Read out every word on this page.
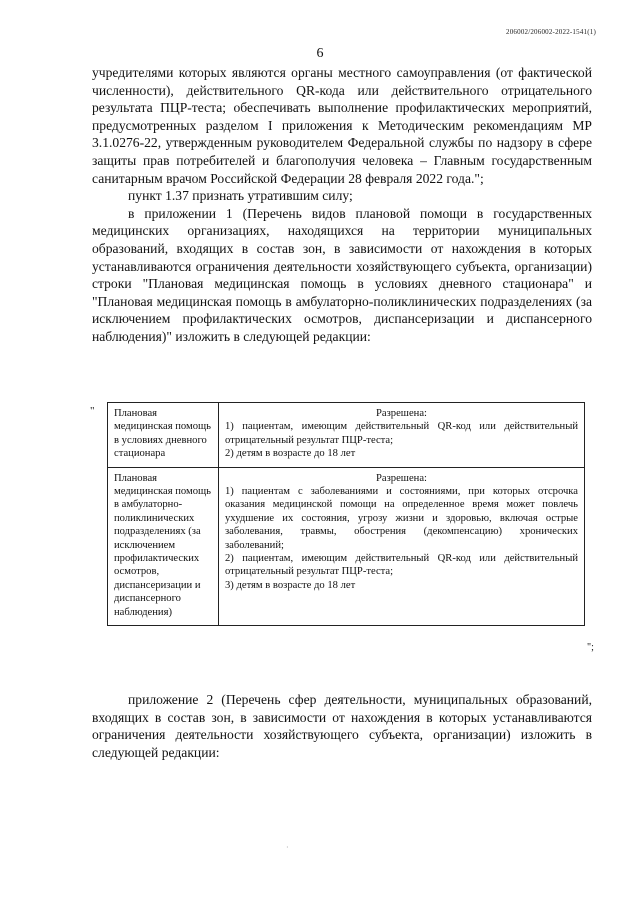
206002/206002-2022-1541(1)
6

учредителями которых являются органы местного самоуправления (от фактической численности), действительного QR-кода или действительного отрицательного результата ПЦР-теста; обеспечивать выполнение профилактических мероприятий, предусмотренных разделом I приложения к Методическим рекомендациям МР 3.1.0276-22, утвержденным руководителем Федеральной службы по надзору в сфере защиты прав потребителей и благополучия человека – Главным государственным санитарным врачом Российской Федерации 28 февраля 2022 года.";

пункт 1.37 признать утратившим силу;

в приложении 1 (Перечень видов плановой помощи в государственных медицинских организациях, находящихся на территории муниципальных образований, входящих в состав зон, в зависимости от нахождения в которых устанавливаются ограничения деятельности хозяйствующего субъекта, организации) строки "Плановая медицинская помощь в условиях дневного стационара" и "Плановая медицинская помощь в амбулаторно-поликлинических подразделениях (за исключением профилактических осмотров, диспансеризации и диспансерного наблюдения)" изложить в следующей редакции:

" Плановая медицинская помощь в условиях дневного стационара	Разрешена:
1) пациентам, имеющим действительный QR-код или действительный отрицательный результат ПЦР-теста;
2) детям в возрасте до 18 лет

Плановая медицинская помощь в амбулаторно-поликлинических подразделениях (за исключением профилактических осмотров, диспансеризации и диспансерного наблюдения)	Разрешена:
1) пациентам с заболеваниями и состояниями, при которых отсрочка оказания медицинской помощи на определенное время может повлечь ухудшение их состояния, угрозу жизни и здоровью, включая острые заболевания, травмы, обострения (декомпенсацию) хронических заболеваний;
2) пациентам, имеющим действительный QR-код или действительный отрицательный результат ПЦР-теста;
3) детям в возрасте до 18 лет
";

приложение 2 (Перечень сфер деятельности, муниципальных образований, входящих в состав зон, в зависимости от нахождения в которых устанавливаются ограничения деятельности хозяйствующего субъекта, организации) изложить в следующей редакции:

·
